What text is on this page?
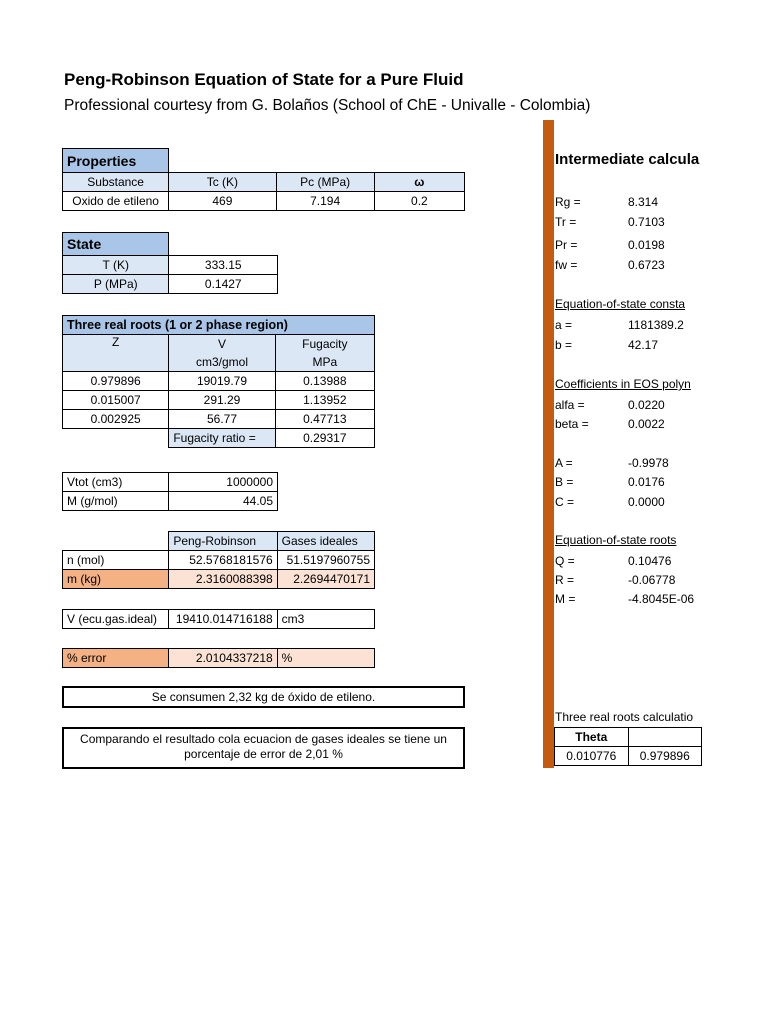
Peng-Robinson Equation of State for a Pure Fluid
Professional courtesy from G. Bolaños (School of ChE - Univalle - Colombia)
Properties			
Substance	Tc (K)	Pc (MPa)	ω
Oxido de etileno	469	7.194	0.2
State	
T (K)	333.15
P (MPa)	0.1427
Three real roots (1 or 2 phase region)		
Z	V	Fugacity
	cm3/gmol	MPa
0.979896	19019.79	0.13988
0.015007	291.29	1.13952
0.002925	56.77	0.47713
	Fugacity ratio =	0.29317
Vtot (cm3)	1000000
M (g/mol)	44.05
	Peng-Robinson	Gases ideales
n (mol)	52.5768181576	51.5197960755
m (kg)	2.3160088398	2.2694470171
V (ecu.gas.ideal)	19410.014716188	cm3
% error	2.0104337218	%
Se consumen 2,32 kg de óxido de etileno.
Comparando el resultado cola ecuacion de gases ideales se tiene un porcentaje de error de 2,01 %
Intermediate calcula
Rg =	8.314
Tr =	0.7103
Pr =	0.0198
fw =	0.6723
Equation-of-state consta
a =	1181389.2
b =	42.17
Coefficients in EOS polyn
alfa =	0.0220
beta =	0.0022
A =	-0.9978
B =	0.0176
C =	0.0000
Equation-of-state roots
Q =	0.10476
R =	-0.06778
M =	-4.8045E-06
Three real roots calculatio
Theta	
0.010776	0.979896
